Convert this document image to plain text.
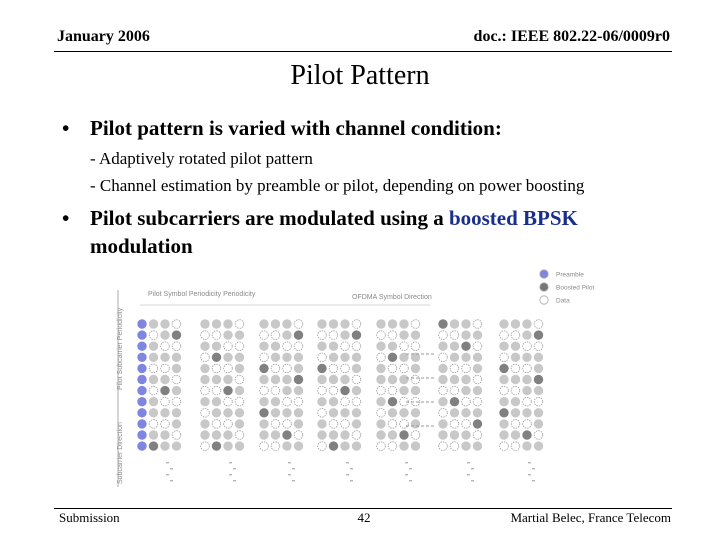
January 2006	doc.: IEEE 802.22-06/0009r0
Pilot Pattern
• Pilot pattern is varied with channel condition:
- Adaptively rotated pilot pattern
- Channel estimation by preamble or pilot, depending on power boosting
• Pilot subcarriers are modulated using a boosted BPSK
modulation
Preamble
Boosted Pilot
Data
Pilot Symbol Periodicity Periodicity	OFDMA Symbol Direction
Pilot Subcarrier Periodicity
Subcarrier Direction
Submission	42	Martial Belec, France Telecom
